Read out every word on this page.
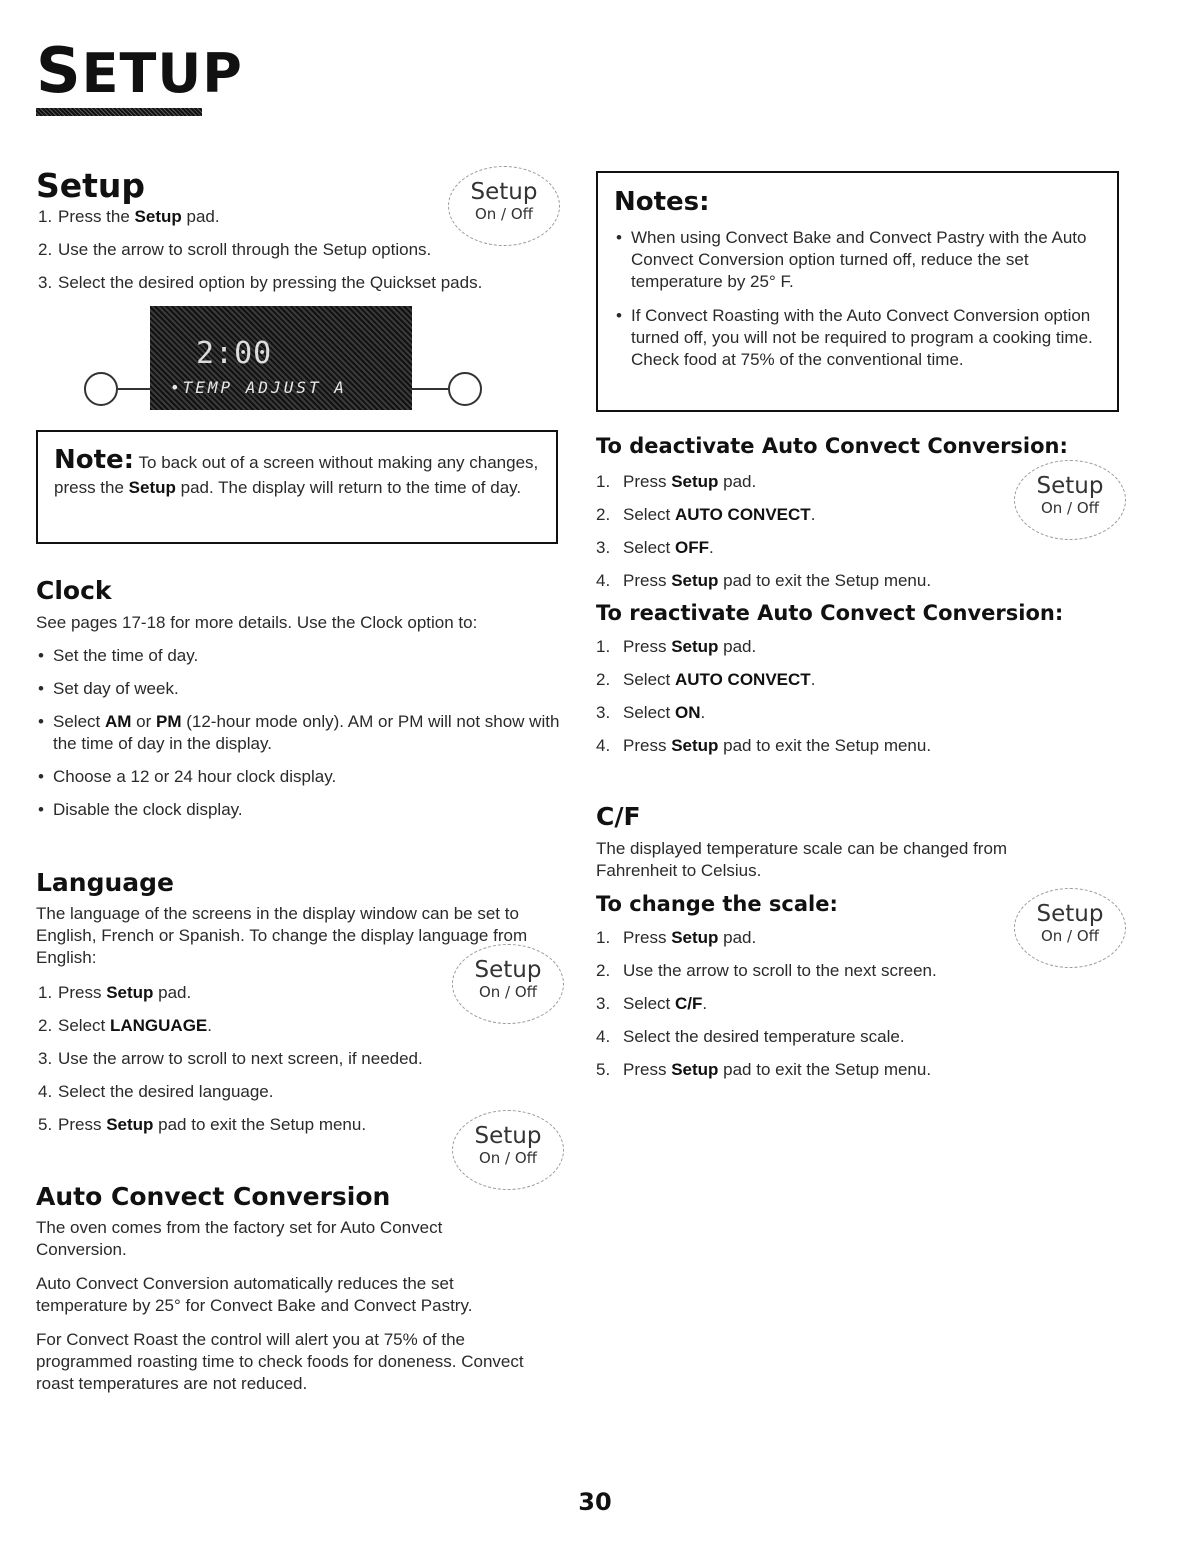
SETUP
Setup
1. Press the Setup pad.
2. Use the arrow to scroll through the Setup options.
3. Select the desired option by pressing the Quickset pads.
Setup
On / Off
2:00
•TEMP ADJUST A
Note: To back out of a screen without making any changes, press the Setup pad. The display will return to the time of day.
Clock
See pages 17-18 for more details. Use the Clock option to:
• Set the time of day.
• Set day of week.
• Select AM or PM (12-hour mode only). AM or PM will not show with the time of day in the display.
• Choose a 12 or 24 hour clock display.
• Disable the clock display.
Language
The language of the screens in the display window can be set to English, French or Spanish. To change the display language from English:
1. Press Setup pad.
2. Select LANGUAGE.
3. Use the arrow to scroll to next screen, if needed.
4. Select the desired language.
5. Press Setup pad to exit the Setup menu.
Setup
On / Off
Setup
On / Off
Auto Convect Conversion
The oven comes from the factory set for Auto Convect Conversion.
Auto Convect Conversion automatically reduces the set temperature by 25° for Convect Bake and Convect Pastry.
For Convect Roast the control will alert you at 75% of the programmed roasting time to check foods for doneness. Convect roast temperatures are not reduced.
Notes:
• When using Convect Bake and Convect Pastry with the Auto Convect Conversion option turned off, reduce the set temperature by 25° F.
• If Convect Roasting with the Auto Convect Conversion option turned off, you will not be required to program a cooking time. Check food at 75% of the conventional time.
To deactivate Auto Convect Conversion:
1. Press Setup pad.
2. Select AUTO CONVECT.
3. Select OFF.
4. Press Setup pad to exit the Setup menu.
Setup
On / Off
To reactivate Auto Convect Conversion:
1. Press Setup pad.
2. Select AUTO CONVECT.
3. Select ON.
4. Press Setup pad to exit the Setup menu.
C/F
The displayed temperature scale can be changed from Fahrenheit to Celsius.
To change the scale:
1. Press Setup pad.
2. Use the arrow to scroll to the next screen.
3. Select C/F.
4. Select the desired temperature scale.
5. Press Setup pad to exit the Setup menu.
Setup
On / Off
30
